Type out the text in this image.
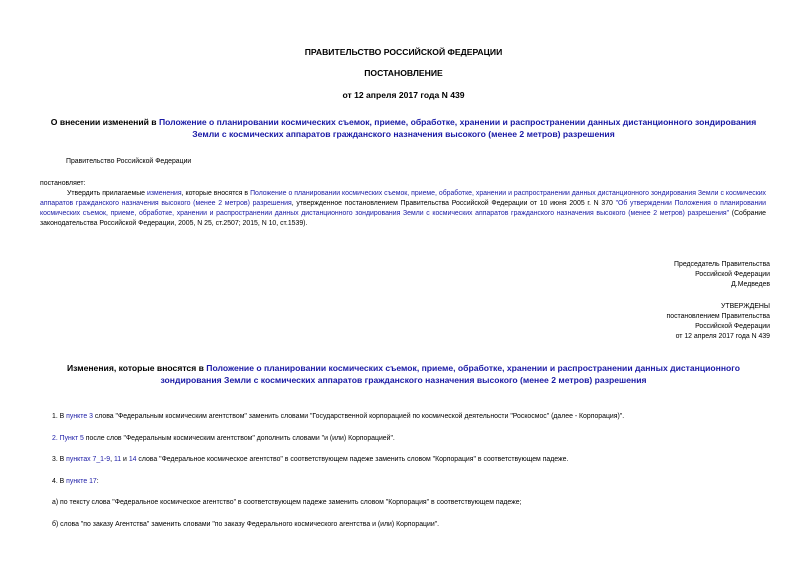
ПРАВИТЕЛЬСТВО РОССИЙСКОЙ ФЕДЕРАЦИИ
ПОСТАНОВЛЕНИЕ
от 12 апреля 2017 года N 439
О внесении изменений в Положение о планировании космических съемок, приеме, обработке, хранении и распространении данных дистанционного зондирования
Земли с космических аппаратов гражданского назначения высокого (менее 2 метров) разрешения
Правительство Российской Федерации
постановляет:
Утвердить прилагаемые изменения, которые вносятся в Положение о планировании космических съемок, приеме, обработке, хранении и распространении данных дистанционного зондирования Земли с космических аппаратов гражданского назначения высокого (менее 2 метров) разрешения, утвержденное постановлением Правительства Российской Федерации от 10 июня 2005 г. N 370 "Об утверждении Положения о планировании космических съемок, приеме, обработке, хранении и распространении данных дистанционного зондирования Земли с космических аппаратов гражданского назначения высокого (менее 2 метров) разрешения" (Собрание законодательства Российской Федерации, 2005, N 25, ст.2507; 2015, N 10, ст.1539).
Председатель Правительства
Российской Федерации
Д.Медведев
УТВЕРЖДЕНЫ
постановлением Правительства
Российской Федерации
от 12 апреля 2017 года N 439
Изменения, которые вносятся в Положение о планировании космических съемок, приеме, обработке, хранении и распространении данных дистанционного
зондирования Земли с космических аппаратов гражданского назначения высокого (менее 2 метров) разрешения
1. В пункте 3 слова "Федеральным космическим агентством" заменить словами "Государственной корпорацией по космической деятельности "Роскосмос" (далее - Корпорация)".
2. Пункт 5 после слов "Федеральным космическим агентством" дополнить словами "и (или) Корпорацией".
3. В пунктах 7_1-9, 11 и 14 слова "Федеральное космическое агентство" в соответствующем падеже заменить словом "Корпорация" в соответствующем падеже.
4. В пункте 17:
а) по тексту слова "Федеральное космическое агентство" в соответствующем падеже заменить словом "Корпорация" в соответствующем падеже;
б) слова "по заказу Агентства" заменить словами "по заказу Федерального космического агентства и (или) Корпорации".
